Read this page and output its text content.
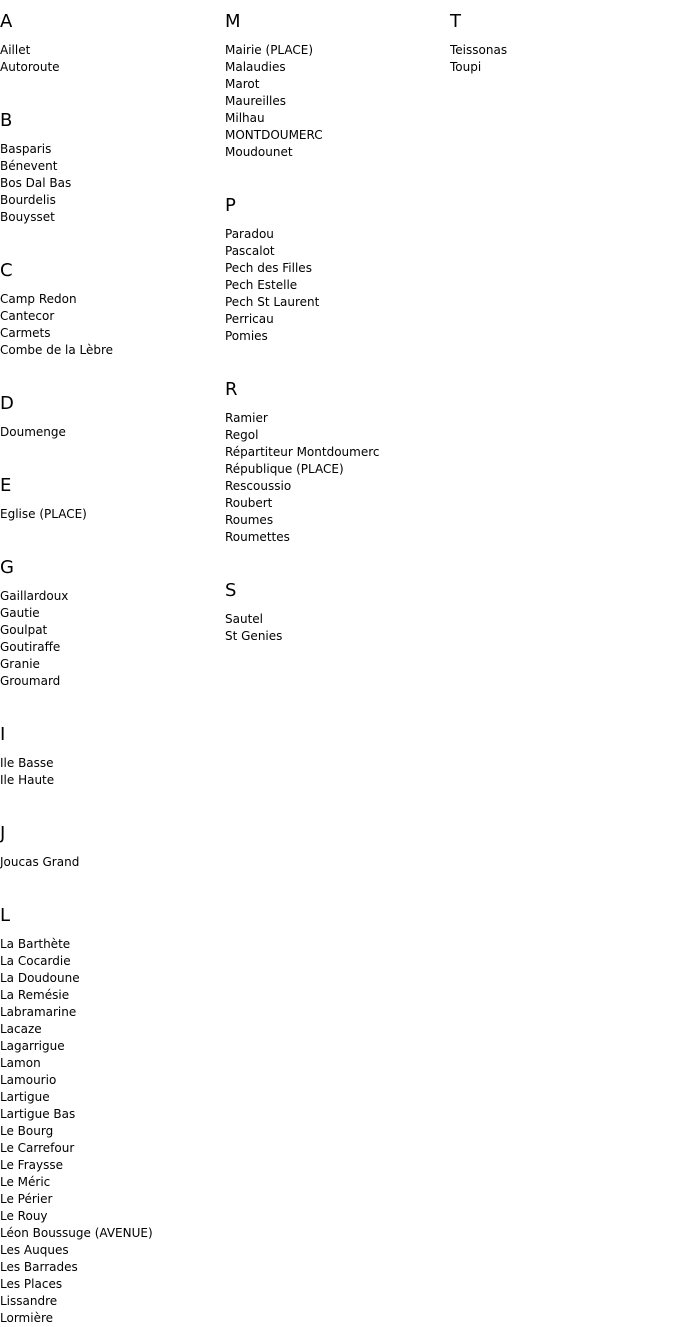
A
Aillet
Autoroute
B
Basparis
Bénevent
Bos Dal Bas
Bourdelis
Bouysset
C
Camp Redon
Cantecor
Carmets
Combe de la Lèbre
D
Doumenge
E
Eglise (PLACE)
G
Gaillardoux
Gautie
Goulpat
Goutiraffe
Granie
Groumard
I
Ile Basse
Ile Haute
J
Joucas Grand
L
La Barthète
La Cocardie
La Doudoune
La Remésie
Labramarine
Lacaze
Lagarrigue
Lamon
Lamourio
Lartigue
Lartigue Bas
Le Bourg
Le Carrefour
Le Fraysse
Le Méric
Le Périer
Le Rouy
Léon Boussuge (AVENUE)
Les Auques
Les Barrades
Les Places
Lissandre
Lormière
M
Mairie (PLACE)
Malaudies
Marot
Maureilles
Milhau
MONTDOUMERC
Moudounet
P
Paradou
Pascalot
Pech des Filles
Pech Estelle
Pech St Laurent
Perricau
Pomies
R
Ramier
Regol
Répartiteur Montdoumerc
République (PLACE)
Rescoussio
Roubert
Roumes
Roumettes
S
Sautel
St Genies
T
Teissonas
Toupi
